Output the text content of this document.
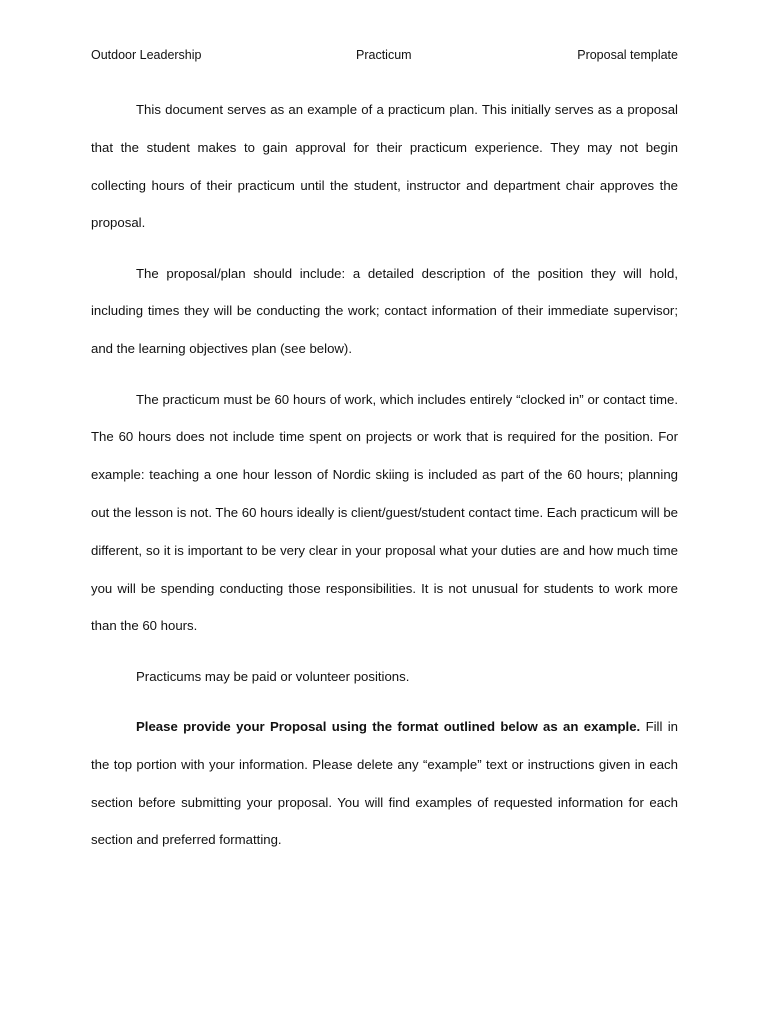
Outdoor Leadership	Practicum	Proposal template

This document serves as an example of a practicum plan. This initially serves as a proposal that the student makes to gain approval for their practicum experience. They may not begin collecting hours of their practicum until the student, instructor and department chair approves the proposal.

The proposal/plan should include: a detailed description of the position they will hold, including times they will be conducting the work; contact information of their immediate supervisor; and the learning objectives plan (see below).

The practicum must be 60 hours of work, which includes entirely “clocked in” or contact time. The 60 hours does not include time spent on projects or work that is required for the position. For example: teaching a one hour lesson of Nordic skiing is included as part of the 60 hours; planning out the lesson is not. The 60 hours ideally is client/guest/student contact time. Each practicum will be different, so it is important to be very clear in your proposal what your duties are and how much time you will be spending conducting those responsibilities. It is not unusual for students to work more than the 60 hours.

Practicums may be paid or volunteer positions.

Please provide your Proposal using the format outlined below as an example. Fill in the top portion with your information. Please delete any “example” text or instructions given in each section before submitting your proposal. You will find examples of requested information for each section and preferred formatting.
